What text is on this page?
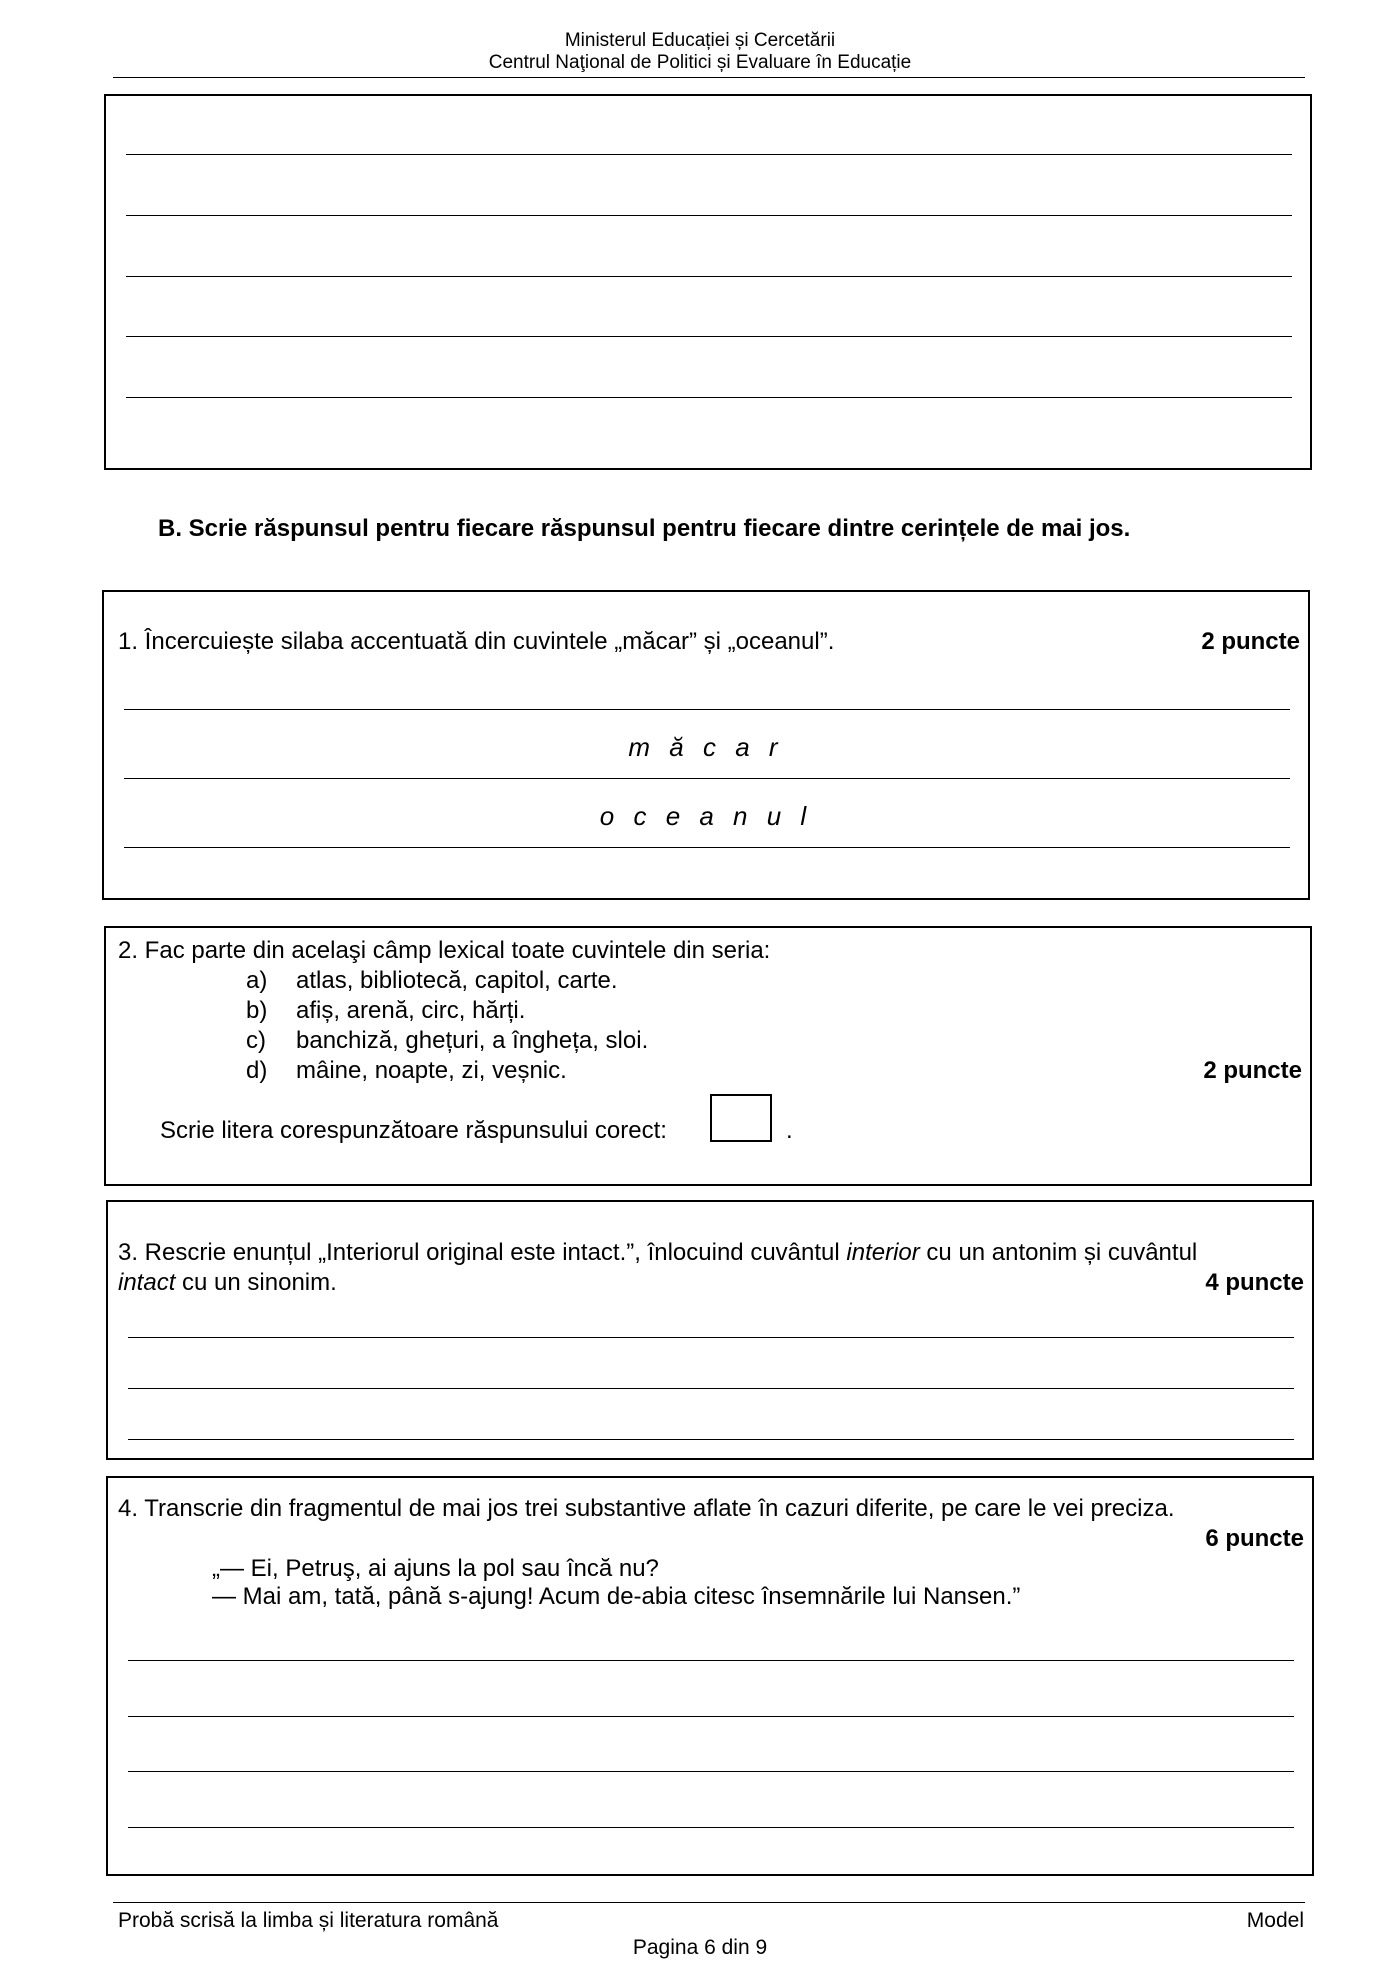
Ministerul Educației și Cercetării
Centrul Naţional de Politici și Evaluare în Educație
B. Scrie răspunsul pentru fiecare răspunsul pentru fiecare dintre cerințele de mai jos.
1. Încercuiește silaba accentuată din cuvintele „măcar” și „oceanul”.	2 puncte
m ă c a r
o c e a n u l
2. Fac parte din acelaşi câmp lexical toate cuvintele din seria:
a) atlas, bibliotecă, capitol, carte.
b) afiș, arenă, circ, hărți.
c) banchiză, ghețuri, a îngheța, sloi.
d) mâine, noapte, zi, veșnic.	2 puncte
Scrie litera corespunzătoare răspunsului corect:	.
3. Rescrie enunțul „Interiorul original este intact.”, înlocuind cuvântul interior cu un antonim și cuvântul
intact cu un sinonim.	4 puncte
4. Transcrie din fragmentul de mai jos trei substantive aflate în cazuri diferite, pe care le vei preciza.
6 puncte
„— Ei, Petruş, ai ajuns la pol sau încă nu?
— Mai am, tată, până s-ajung! Acum de-abia citesc însemnările lui Nansen.”
Probă scrisă la limba și literatura română	Model
Pagina 6 din 9
